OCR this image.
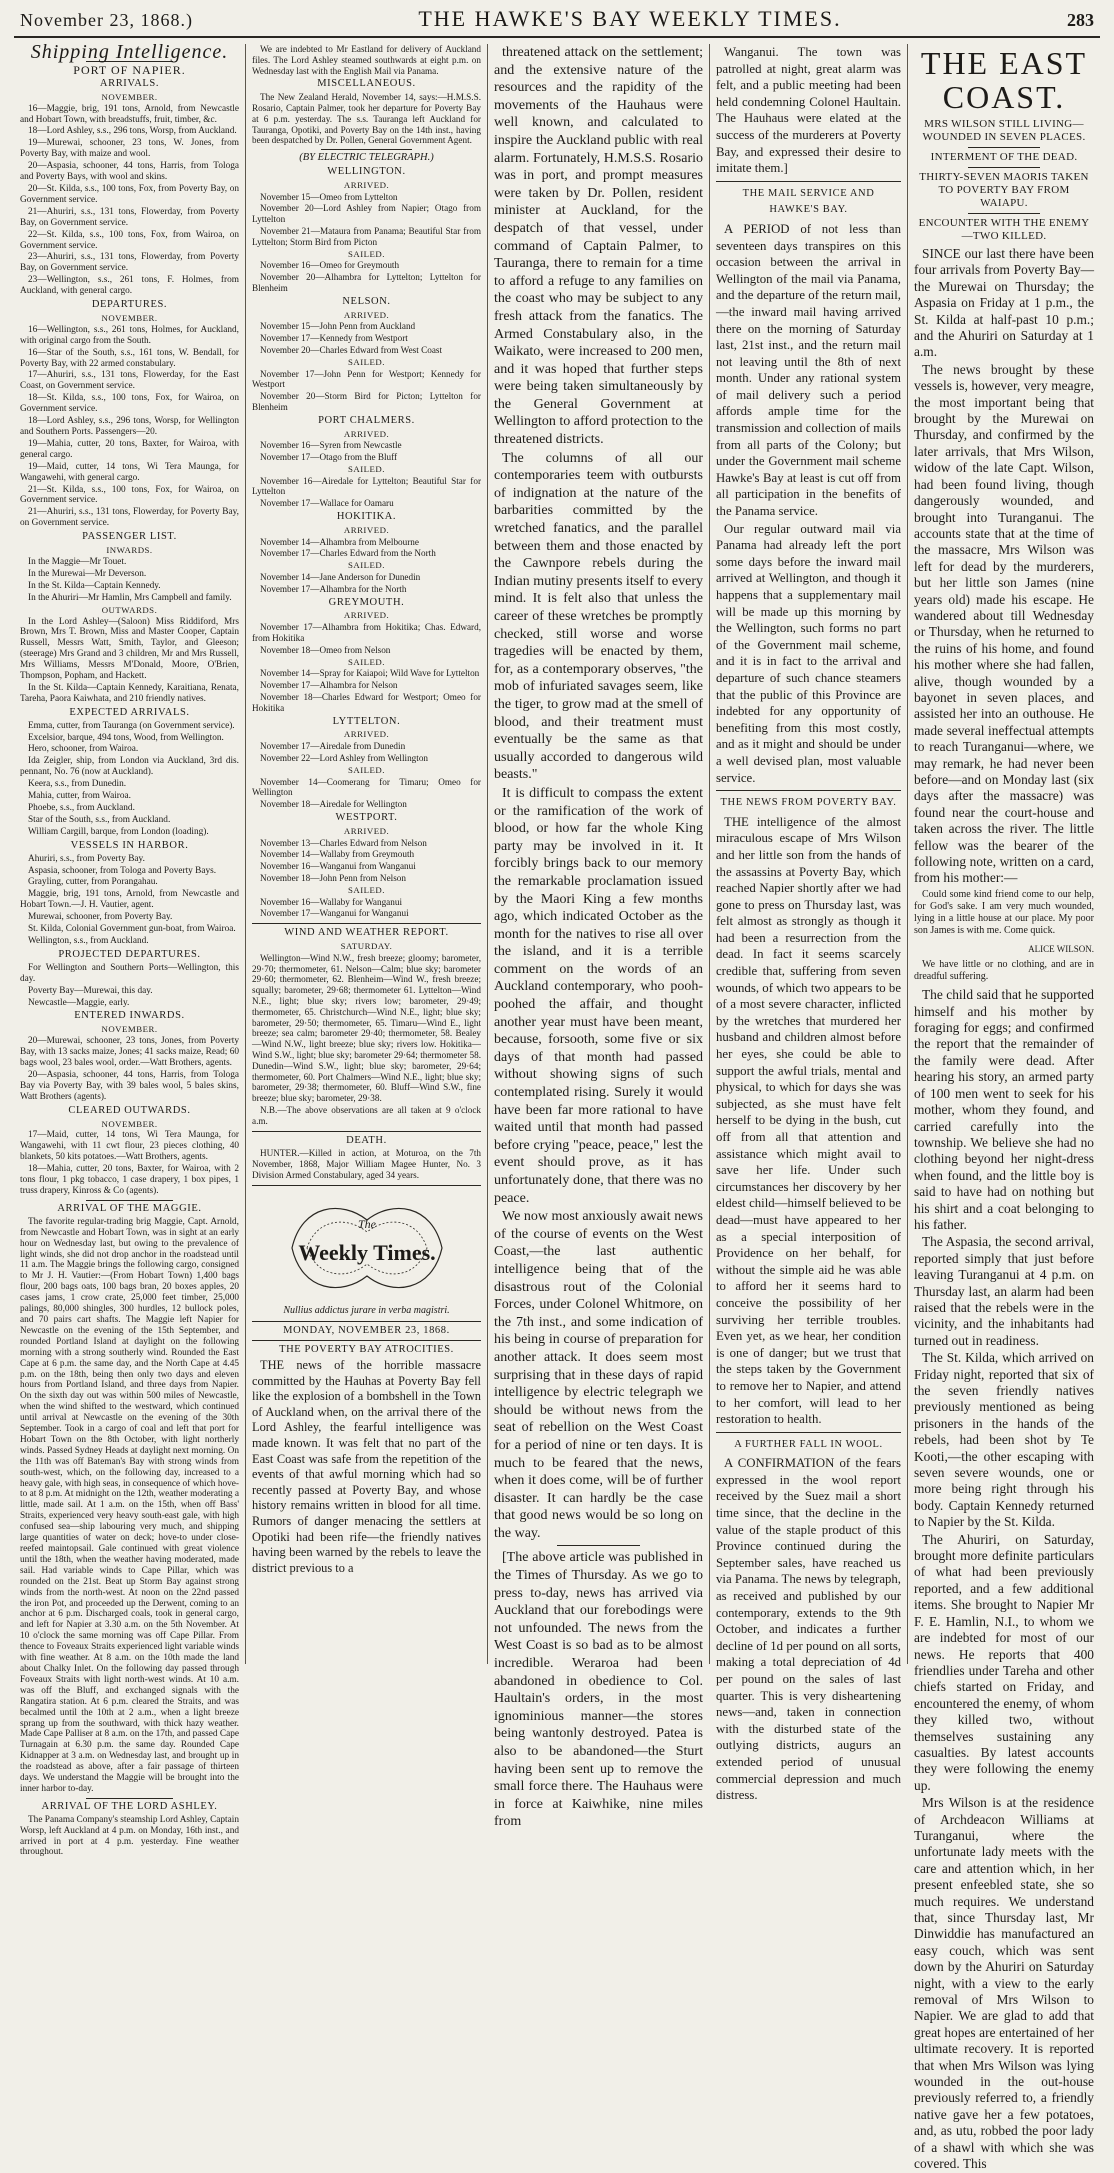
November 23, 1868.)	THE HAWKE'S BAY WEEKLY TIMES.	283
Shipping Intelligence.
PORT OF NAPIER.
ARRIVALS.
NOVEMBER.

16—Maggie, brig, 191 tons, Arnold, from Newcastle and Hobart Town, with breadstuffs, fruit, timber, &c.

18—Lord Ashley, s.s., 296 tons, Worsp, from Auckland.

19—Murewai, schooner, 23 tons, W. Jones, from Poverty Bay, with maize and wool.

20—Aspasia, schooner, 44 tons, Harris, from Tologa and Poverty Bays, with wool and skins.

20—St. Kilda, s.s., 100 tons, Fox, from Poverty Bay, on Government service.

21—Ahuriri, s.s., 131 tons, Flowerday, from Poverty Bay, on Government service.

22—St. Kilda, s.s., 100 tons, Fox, from Wairoa, on Government service.

23—Ahuriri, s.s., 131 tons, Flowerday, from Poverty Bay, on Government service.

23—Wellington, s.s., 261 tons, F. Holmes, from Auckland, with general cargo.

DEPARTURES.
NOVEMBER.

16—Wellington, s.s., 261 tons, Holmes, for Auckland, with original cargo from the South.

16—Star of the South, s.s., 161 tons, W. Bendall, for Poverty Bay, with 22 armed constabulary.

17—Ahuriri, s.s., 131 tons, Flowerday, for the East Coast, on Government service.

18—St. Kilda, s.s., 100 tons, Fox, for Wairoa, on Government service.

18—Lord Ashley, s.s., 296 tons, Worsp, for Wellington and Southern Ports. Passengers—20.

19—Mahia, cutter, 20 tons, Baxter, for Wairoa, with general cargo.

19—Maid, cutter, 14 tons, Wi Tera Maunga, for Wangawehi, with general cargo.

21—St. Kilda, s.s., 100 tons, Fox, for Wairoa, on Government service.

21—Ahuriri, s.s., 131 tons, Flowerday, for Poverty Bay, on Government service.

PASSENGER LIST.
INWARDS.

In the Maggie—Mr Touet.

In the Murewai—Mr Deverson.

In the St. Kilda—Captain Kennedy.

In the Ahuriri—Mr Hamlin, Mrs Campbell and family.

OUTWARDS.

In the Lord Ashley—(Saloon) Miss Riddiford, Mrs Brown, Mrs T. Brown, Miss and Master Cooper, Captain Russell, Messrs Watt, Smith, Taylor, and Gleeson; (steerage) Mrs Grand and 3 children, Mr and Mrs Russell, Mrs Williams, Messrs M'Donald, Moore, O'Brien, Thompson, Popham, and Hackett.

In the St. Kilda—Captain Kennedy, Karaitiana, Renata, Tareha, Paora Kaiwhata, and 210 friendly natives.

EXPECTED ARRIVALS.

Emma, cutter, from Tauranga (on Government service).

Excelsior, barque, 494 tons, Wood, from Wellington.

Hero, schooner, from Wairoa.

Ida Zeigler, ship, from London via Auckland, 3rd dis. pennant, No. 76 (now at Auckland).

Keera, s.s., from Dunedin.

Mahia, cutter, from Wairoa.

Phoebe, s.s., from Auckland.

Star of the South, s.s., from Auckland.

William Cargill, barque, from London (loading).

VESSELS IN HARBOR.

Ahuriri, s.s., from Poverty Bay.

Aspasia, schooner, from Tologa and Poverty Bays.

Grayling, cutter, from Porangahau.

Maggie, brig, 191 tons, Arnold, from Newcastle and Hobart Town.—J. H. Vautier, agent.

Murewai, schooner, from Poverty Bay.

St. Kilda, Colonial Government gun-boat, from Wairoa.

Wellington, s.s., from Auckland.

PROJECTED DEPARTURES.

For Wellington and Southern Ports—Wellington, this day.

Poverty Bay—Murewai, this day.

Newcastle—Maggie, early.

ENTERED INWARDS.
NOVEMBER.

20—Murewai, schooner, 23 tons, Jones, from Poverty Bay, with 13 sacks maize, Jones; 41 sacks maize, Read; 60 bags wool, 23 bales wool, order.—Watt Brothers, agents.

20—Aspasia, schooner, 44 tons, Harris, from Tologa Bay via Poverty Bay, with 39 bales wool, 5 bales skins, Watt Brothers (agents).

CLEARED OUTWARDS.
NOVEMBER.

17—Maid, cutter, 14 tons, Wi Tera Maunga, for Wangawehi, with 11 cwt flour, 23 pieces clothing, 40 blankets, 50 kits potatoes.—Watt Brothers, agents.

18—Mahia, cutter, 20 tons, Baxter, for Wairoa, with 2 tons flour, 1 pkg tobacco, 1 case drapery, 1 box pipes, 1 truss drapery, Kinross & Co (agents).

ARRIVAL OF THE MAGGIE.

The favorite regular-trading brig Maggie, Capt. Arnold, from Newcastle and Hobart Town, was in sight at an early hour on Wednesday last, but owing to the prevalence of light winds, she did not drop anchor in the roadstead until 11 a.m. The Maggie brings the following cargo, consigned to Mr J. H. Vautier:—(From Hobart Town) 1,400 bags flour, 200 bags oats, 100 bags bran, 20 boxes apples, 20 cases jams, 1 crow crate, 25,000 feet timber, 25,000 palings, 80,000 shingles, 300 hurdles, 12 bullock poles, and 70 pairs cart shafts. The Maggie left Napier for Newcastle on the evening of the 15th September, and rounded Portland Island at daylight on the following morning with a strong southerly wind. Rounded the East Cape at 6 p.m. the same day, and the North Cape at 4.45 p.m. on the 18th, being then only two days and eleven hours from Portland Island, and three days from Napier. On the sixth day out was within 500 miles of Newcastle, when the wind shifted to the westward, which continued until arrival at Newcastle on the evening of the 30th September. Took in a cargo of coal and left that port for Hobart Town on the 8th October, with light northerly winds. Passed Sydney Heads at daylight next morning. On the 11th was off Bateman's Bay with strong winds from south-west, which, on the following day, increased to a heavy gale, with high seas, in consequence of which hove-to at 8 p.m. At midnight on the 12th, weather moderating a little, made sail. At 1 a.m. on the 15th, when off Bass' Straits, experienced very heavy south-east gale, with high confused sea—ship labouring very much, and shipping large quantities of water on deck; hove-to under close-reefed maintopsail. Gale continued with great violence until the 18th, when the weather having moderated, made sail. Had variable winds to Cape Pillar, which was rounded on the 21st. Beat up Storm Bay against strong winds from the north-west. At noon on the 22nd passed the iron Pot, and proceeded up the Derwent, coming to an anchor at 6 p.m. Discharged coals, took in general cargo, and left for Napier at 3.30 a.m. on the 5th November. At 10 o'clock the same morning was off Cape Pillar. From thence to Foveaux Straits experienced light variable winds with fine weather. At 8 a.m. on the 10th made the land about Chalky Inlet. On the following day passed through Foveaux Straits with light north-west winds. At 10 a.m. was off the Bluff, and exchanged signals with the Rangatira station. At 6 p.m. cleared the Straits, and was becalmed until the 10th at 2 a.m., when a light breeze sprang up from the southward, with thick hazy weather. Made Cape Palliser at 8 a.m. on the 17th, and passed Cape Turnagain at 6.30 p.m. the same day. Rounded Cape Kidnapper at 3 a.m. on Wednesday last, and brought up in the roadstead as above, after a fair passage of thirteen days. We understand the Maggie will be brought into the inner harbor to-day.

ARRIVAL OF THE LORD ASHLEY.

The Panama Company's steamship Lord Ashley, Captain Worsp, left Auckland at 4 p.m. on Monday, 16th inst., and arrived in port at 4 p.m. yesterday. Fine weather throughout.

We are indebted to Mr Eastland for delivery of Auckland files. The Lord Ashley steamed southwards at eight p.m. on Wednesday last with the English Mail via Panama.

MISCELLANEOUS.

The New Zealand Herald, November 14, says:—H.M.S.S. Rosario, Captain Palmer, took her departure for Poverty Bay at 6 p.m. yesterday. The s.s. Tauranga left Auckland for Tauranga, Opotiki, and Poverty Bay on the 14th inst., having been despatched by Dr. Pollen, General Government Agent.

(BY ELECTRIC TELEGRAPH.)
WELLINGTON.
ARRIVED.

November 15—Omeo from Lyttelton

November 20—Lord Ashley from Napier; Otago from Lyttelton

November 21—Mataura from Panama; Beautiful Star from Lyttelton; Storm Bird from Picton

SAILED.

November 16—Omeo for Greymouth

November 20—Alhambra for Lyttelton; Lyttelton for Blenheim

NELSON.
ARRIVED.

November 15—John Penn from Auckland

November 17—Kennedy from Westport

November 20—Charles Edward from West Coast

SAILED.

November 17—John Penn for Westport; Kennedy for Westport

November 20—Storm Bird for Picton; Lyttelton for Blenheim

PORT CHALMERS.
ARRIVED.

November 16—Syren from Newcastle

November 17—Otago from the Bluff

SAILED.

November 16—Airedale for Lyttelton; Beautiful Star for Lyttelton

November 17—Wallace for Oamaru

HOKITIKA.
ARRIVED.

November 14—Alhambra from Melbourne

November 17—Charles Edward from the North

SAILED.

November 14—Jane Anderson for Dunedin

November 17—Alhambra for the North

GREYMOUTH.
ARRIVED.

November 17—Alhambra from Hokitika; Chas. Edward, from Hokitika

November 18—Omeo from Nelson

SAILED.

November 14—Spray for Kaiapoi; Wild Wave for Lyttelton

November 17—Alhambra for Nelson

November 18—Charles Edward for Westport; Omeo for Hokitika

LYTTELTON.
ARRIVED.

November 17—Airedale from Dunedin

November 22—Lord Ashley from Wellington

SAILED.

November 14—Coomerang for Timaru; Omeo for Wellington

November 18—Airedale for Wellington

WESTPORT.
ARRIVED.

November 13—Charles Edward from Nelson

November 14—Wallaby from Greymouth

November 16—Wanganui from Wanganui

November 18—John Penn from Nelson

SAILED.

November 16—Wallaby for Wanganui

November 17—Wanganui for Wanganui

WIND AND WEATHER REPORT.
SATURDAY.

Wellington—Wind N.W., fresh breeze; gloomy; barometer, 29·70; thermometer, 61. Nelson—Calm; blue sky; barometer 29·60; thermometer, 62. Blenheim—Wind W., fresh breeze; squally; barometer, 29·68; thermometer 61. Lyttelton—Wind N.E., light; blue sky; rivers low; barometer, 29·49; thermometer, 65. Christchurch—Wind N.E., light; blue sky; barometer, 29·50; thermometer, 65. Timaru—Wind E., light breeze; sea calm; barometer 29·40; thermometer, 58. Bealey—Wind N.W., light breeze; blue sky; rivers low. Hokitika—Wind S.W., light; blue sky; barometer 29·64; thermometer 58. Dunedin—Wind S.W., light; blue sky; barometer, 29·64; thermometer, 60. Port Chalmers—Wind N.E., light; blue sky; barometer, 29·38; thermometer, 60. Bluff—Wind S.W., fine breeze; blue sky; barometer, 29·38.

N.B.—The above observations are all taken at 9 o'clock a.m.

DEATH.

HUNTER.—Killed in action, at Moturoa, on the 7th November, 1868, Major William Magee Hunter, No. 3 Division Armed Constabulary, aged 34 years.

The
Weekly Times.
Nullius addictus jurare in verba magistri.
MONDAY, NOVEMBER 23, 1868.
THE POVERTY BAY ATROCITIES.

THE news of the horrible massacre committed by the Hauhas at Poverty Bay fell like the explosion of a bombshell in the Town of Auckland when, on the arrival there of the Lord Ashley, the fearful intelligence was made known. It was felt that no part of the East Coast was safe from the repetition of the events of that awful morning which had so recently passed at Poverty Bay, and whose history remains written in blood for all time. Rumors of danger menacing the settlers at Opotiki had been rife—the friendly natives having been warned by the rebels to leave the district previous to a

threatened attack on the settlement; and the extensive nature of the resources and the rapidity of the movements of the Hauhaus were well known, and calculated to inspire the Auckland public with real alarm. Fortunately, H.M.S.S. Rosario was in port, and prompt measures were taken by Dr. Pollen, resident minister at Auckland, for the despatch of that vessel, under command of Captain Palmer, to Tauranga, there to remain for a time to afford a refuge to any families on the coast who may be subject to any fresh attack from the fanatics. The Armed Constabulary also, in the Waikato, were increased to 200 men, and it was hoped that further steps were being taken simultaneously by the General Government at Wellington to afford protection to the threatened districts.

The columns of all our contemporaries teem with outbursts of indignation at the nature of the barbarities committed by the wretched fanatics, and the parallel between them and those enacted by the Cawnpore rebels during the Indian mutiny presents itself to every mind. It is felt also that unless the career of these wretches be promptly checked, still worse and worse tragedies will be enacted by them, for, as a contemporary observes, "the mob of infuriated savages seem, like the tiger, to grow mad at the smell of blood, and their treatment must eventually be the same as that usually accorded to dangerous wild beasts."

It is difficult to compass the extent or the ramification of the work of blood, or how far the whole King party may be involved in it. It forcibly brings back to our memory the remarkable proclamation issued by the Maori King a few months ago, which indicated October as the month for the natives to rise all over the island, and it is a terrible comment on the words of an Auckland contemporary, who pooh-poohed the affair, and thought another year must have been meant, because, forsooth, some five or six days of that month had passed without showing signs of such contemplated rising. Surely it would have been far more rational to have waited until that month had passed before crying "peace, peace," lest the event should prove, as it has unfortunately done, that there was no peace.

We now most anxiously await news of the course of events on the West Coast,—the last authentic intelligence being that of the disastrous rout of the Colonial Forces, under Colonel Whitmore, on the 7th inst., and some indication of his being in course of preparation for another attack. It does seem most surprising that in these days of rapid intelligence by electric telegraph we should be without news from the seat of rebellion on the West Coast for a period of nine or ten days. It is much to be feared that the news, when it does come, will be of further disaster. It can hardly be the case that good news would be so long on the way.

[The above article was published in the Times of Thursday. As we go to press to-day, news has arrived via Auckland that our forebodings were not unfounded. The news from the West Coast is so bad as to be almost incredible. Weraroa had been abandoned in obedience to Col. Haultain's orders, in the most ignominious manner—the stores being wantonly destroyed. Patea is also to be abandoned—the Sturt having been sent up to remove the small force there. The Hauhaus were in force at Kaiwhike, nine miles from

Wanganui. The town was patrolled at night, great alarm was felt, and a public meeting had been held condemning Colonel Haultain. The Hauhaus were elated at the success of the murderers at Poverty Bay, and expressed their desire to imitate them.]

THE MAIL SERVICE AND HAWKE'S BAY.

A PERIOD of not less than seventeen days transpires on this occasion between the arrival in Wellington of the mail via Panama, and the departure of the return mail,—the inward mail having arrived there on the morning of Saturday last, 21st inst., and the return mail not leaving until the 8th of next month. Under any rational system of mail delivery such a period affords ample time for the transmission and collection of mails from all parts of the Colony; but under the Government mail scheme Hawke's Bay at least is cut off from all participation in the benefits of the Panama service.

Our regular outward mail via Panama had already left the port some days before the inward mail arrived at Wellington, and though it happens that a supplementary mail will be made up this morning by the Wellington, such forms no part of the Government mail scheme, and it is in fact to the arrival and departure of such chance steamers that the public of this Province are indebted for any opportunity of benefiting from this most costly, and as it might and should be under a well devised plan, most valuable service.

THE NEWS FROM POVERTY BAY.

THE intelligence of the almost miraculous escape of Mrs Wilson and her little son from the hands of the assassins at Poverty Bay, which reached Napier shortly after we had gone to press on Thursday last, was felt almost as strongly as though it had been a resurrection from the dead. In fact it seems scarcely credible that, suffering from seven wounds, of which two appears to be of a most severe character, inflicted by the wretches that murdered her husband and children almost before her eyes, she could be able to support the awful trials, mental and physical, to which for days she was subjected, as she must have felt herself to be dying in the bush, cut off from all that attention and assistance which might avail to save her life. Under such circumstances her discovery by her eldest child—himself believed to be dead—must have appeared to her as a special interposition of Providence on her behalf, for without the simple aid he was able to afford her it seems hard to conceive the possibility of her surviving her terrible troubles. Even yet, as we hear, her condition is one of danger; but we trust that the steps taken by the Government to remove her to Napier, and attend to her comfort, will lead to her restoration to health.

A FURTHER FALL IN WOOL.

A CONFIRMATION of the fears expressed in the wool report received by the Suez mail a short time since, that the decline in the value of the staple product of this Province continued during the September sales, have reached us via Panama. The news by telegraph, as received and published by our contemporary, extends to the 9th October, and indicates a further decline of 1d per pound on all sorts, making a total depreciation of 4d per pound on the sales of last quarter. This is very disheartening news—and, taken in connection with the disturbed state of the outlying districts, augurs an extended period of unusual commercial depression and much distress.

THE EAST COAST.
MRS WILSON STILL LIVING—WOUNDED IN SEVEN PLACES.
INTERMENT OF THE DEAD.
THIRTY-SEVEN MAORIS TAKEN TO POVERTY BAY FROM WAIAPU.
ENCOUNTER WITH THE ENEMY—TWO KILLED.

SINCE our last there have been four arrivals from Poverty Bay—the Murewai on Thursday; the Aspasia on Friday at 1 p.m., the St. Kilda at half-past 10 p.m.; and the Ahuriri on Saturday at 1 a.m.

The news brought by these vessels is, however, very meagre, the most important being that brought by the Murewai on Thursday, and confirmed by the later arrivals, that Mrs Wilson, widow of the late Capt. Wilson, had been found living, though dangerously wounded, and brought into Turanganui. The accounts state that at the time of the massacre, Mrs Wilson was left for dead by the murderers, but her little son James (nine years old) made his escape. He wandered about till Wednesday or Thursday, when he returned to the ruins of his home, and found his mother where she had fallen, alive, though wounded by a bayonet in seven places, and assisted her into an outhouse. He made several ineffectual attempts to reach Turanganui—where, we may remark, he had never been before—and on Monday last (six days after the massacre) was found near the court-house and taken across the river. The little fellow was the bearer of the following note, written on a card, from his mother:—

Could some kind friend come to our help, for God's sake. I am very much wounded, lying in a little house at our place. My poor son James is with me. Come quick.

ALICE WILSON.

We have little or no clothing, and are in dreadful suffering.

The child said that he supported himself and his mother by foraging for eggs; and confirmed the report that the remainder of the family were dead. After hearing his story, an armed party of 100 men went to seek for his mother, whom they found, and carried carefully into the township. We believe she had no clothing beyond her night-dress when found, and the little boy is said to have had on nothing but his shirt and a coat belonging to his father.

The Aspasia, the second arrival, reported simply that just before leaving Turanganui at 4 p.m. on Thursday last, an alarm had been raised that the rebels were in the vicinity, and the inhabitants had turned out in readiness.

The St. Kilda, which arrived on Friday night, reported that six of the seven friendly natives previously mentioned as being prisoners in the hands of the rebels, had been shot by Te Kooti,—the other escaping with seven severe wounds, one or more being right through his body. Captain Kennedy returned to Napier by the St. Kilda.

The Ahuriri, on Saturday, brought more definite particulars of what had been previously reported, and a few additional items. She brought to Napier Mr F. E. Hamlin, N.I., to whom we are indebted for most of our news. He reports that 400 friendlies under Tareha and other chiefs started on Friday, and encountered the enemy, of whom they killed two, without themselves sustaining any casualties. By latest accounts they were following the enemy up.

Mrs Wilson is at the residence of Archdeacon Williams at Turanganui, where the unfortunate lady meets with the care and attention which, in her present enfeebled state, she so much requires. We understand that, since Thursday last, Mr Dinwiddie has manufactured an easy couch, which was sent down by the Ahuriri on Saturday night, with a view to the early removal of Mrs Wilson to Napier. We are glad to add that great hopes are entertained of her ultimate recovery. It is reported that when Mrs Wilson was lying wounded in the out-house previously referred to, a friendly native gave her a few potatoes, and, as utu, robbed the poor lady of a shawl with which she was covered. This
